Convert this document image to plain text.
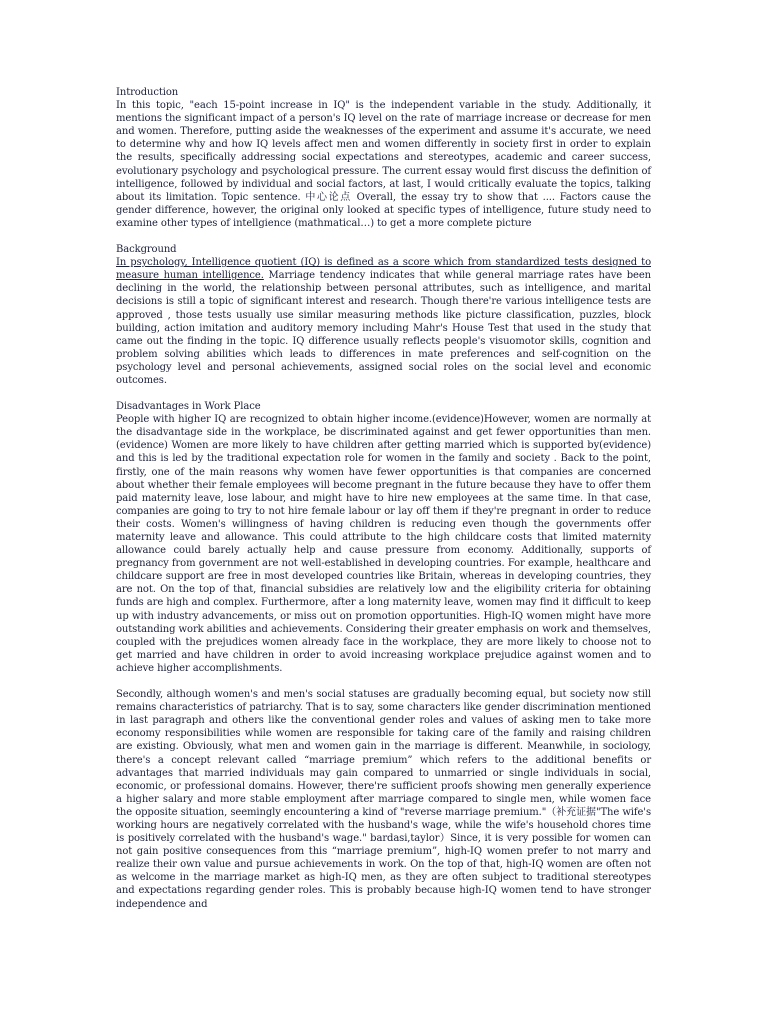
Introduction

In this topic, "each 15-point increase in IQ" is the independent variable in the study. Additionally, it mentions the significant impact of a person's IQ level on the rate of marriage increase or decrease for men and women. Therefore, putting aside the weaknesses of the experiment and assume it's accurate, we need to determine why and how IQ levels affect men and women differently in society first in order to explain the results, specifically addressing social expectations and stereotypes, academic and career success, evolutionary psychology and psychological pressure. The current essay would first discuss the definition of intelligence, followed by individual and social factors, at last, I would critically evaluate the topics, talking about its limitation. Topic sentence. 中心论点 Overall, the essay try to show that .... Factors cause the gender difference, however, the original only looked at specific types of intelligence, future study need to examine other types of intellgience (mathmatical…) to get a more complete picture

Background

In psychology, Intelligence quotient (IQ) is defined as a score which from standardized tests designed to measure human intelligence. Marriage tendency indicates that while general marriage rates have been declining in the world, the relationship between personal attributes, such as intelligence, and marital decisions is still a topic of significant interest and research. Though there're various intelligence tests are approved , those tests usually use similar measuring methods like picture classification, puzzles, block building, action imitation and auditory memory including Mahr's House Test that used in the study that came out the finding in the topic. IQ difference usually reflects people's visuomotor skills, cognition and problem solving abilities which leads to differences in mate preferences and self-cognition on the psychology level and personal achievements, assigned social roles on the social level and economic outcomes.

Disadvantages in Work Place

People with higher IQ are recognized to obtain higher income.(evidence)However, women are normally at the disadvantage side in the workplace, be discriminated against and get fewer opportunities than men.(evidence) Women are more likely to have children after getting married which is supported by(evidence) and this is led by the traditional expectation role for women in the family and society . Back to the point, firstly, one of the main reasons why women have fewer opportunities is that companies are concerned about whether their female employees will become pregnant in the future because they have to offer them paid maternity leave, lose labour, and might have to hire new employees at the same time. In that case, companies are going to try to not hire female labour or lay off them if they're pregnant in order to reduce their costs. Women's willingness of having children is reducing even though the governments offer maternity leave and allowance. This could attribute to the high childcare costs that limited maternity allowance could barely actually help and cause pressure from economy. Additionally, supports of pregnancy from government are not well-established in developing countries. For example, healthcare and childcare support are free in most developed countries like Britain, whereas in developing countries, they are not. On the top of that, financial subsidies are relatively low and the eligibility criteria for obtaining funds are high and complex. Furthermore, after a long maternity leave, women may find it difficult to keep up with industry advancements, or miss out on promotion opportunities. High-IQ women might have more outstanding work abilities and achievements. Considering their greater emphasis on work and themselves, coupled with the prejudices women already face in the workplace, they are more likely to choose not to get married and have children in order to avoid increasing workplace prejudice against women and to achieve higher accomplishments.

Secondly, although women's and men's social statuses are gradually becoming equal, but society now still remains characteristics of patriarchy. That is to say, some characters like gender discrimination mentioned in last paragraph and others like the conventional gender roles and values of asking men to take more economy responsibilities while women are responsible for taking care of the family and raising children are existing. Obviously, what men and women gain in the marriage is different. Meanwhile, in sociology, there's a concept relevant called “marriage premium” which refers to the additional benefits or advantages that married individuals may gain compared to unmarried or single individuals in social, economic, or professional domains. However, there're sufficient proofs showing men generally experience a higher salary and more stable employment after marriage compared to single men, while women face the opposite situation, seemingly encountering a kind of "reverse marriage premium."（补充证据"The wife's working hours are negatively correlated with the husband's wage, while the wife's household chores time is positively correlated with the husband's wage." bardasi,taylor）Since, it is very possible for women can not gain positive consequences from this “marriage premium”, high-IQ women prefer to not marry and realize their own value and pursue achievements in work. On the top of that, high-IQ women are often not as welcome in the marriage market as high-IQ men, as they are often subject to traditional stereotypes and expectations regarding gender roles. This is probably because high-IQ women tend to have stronger independence and
